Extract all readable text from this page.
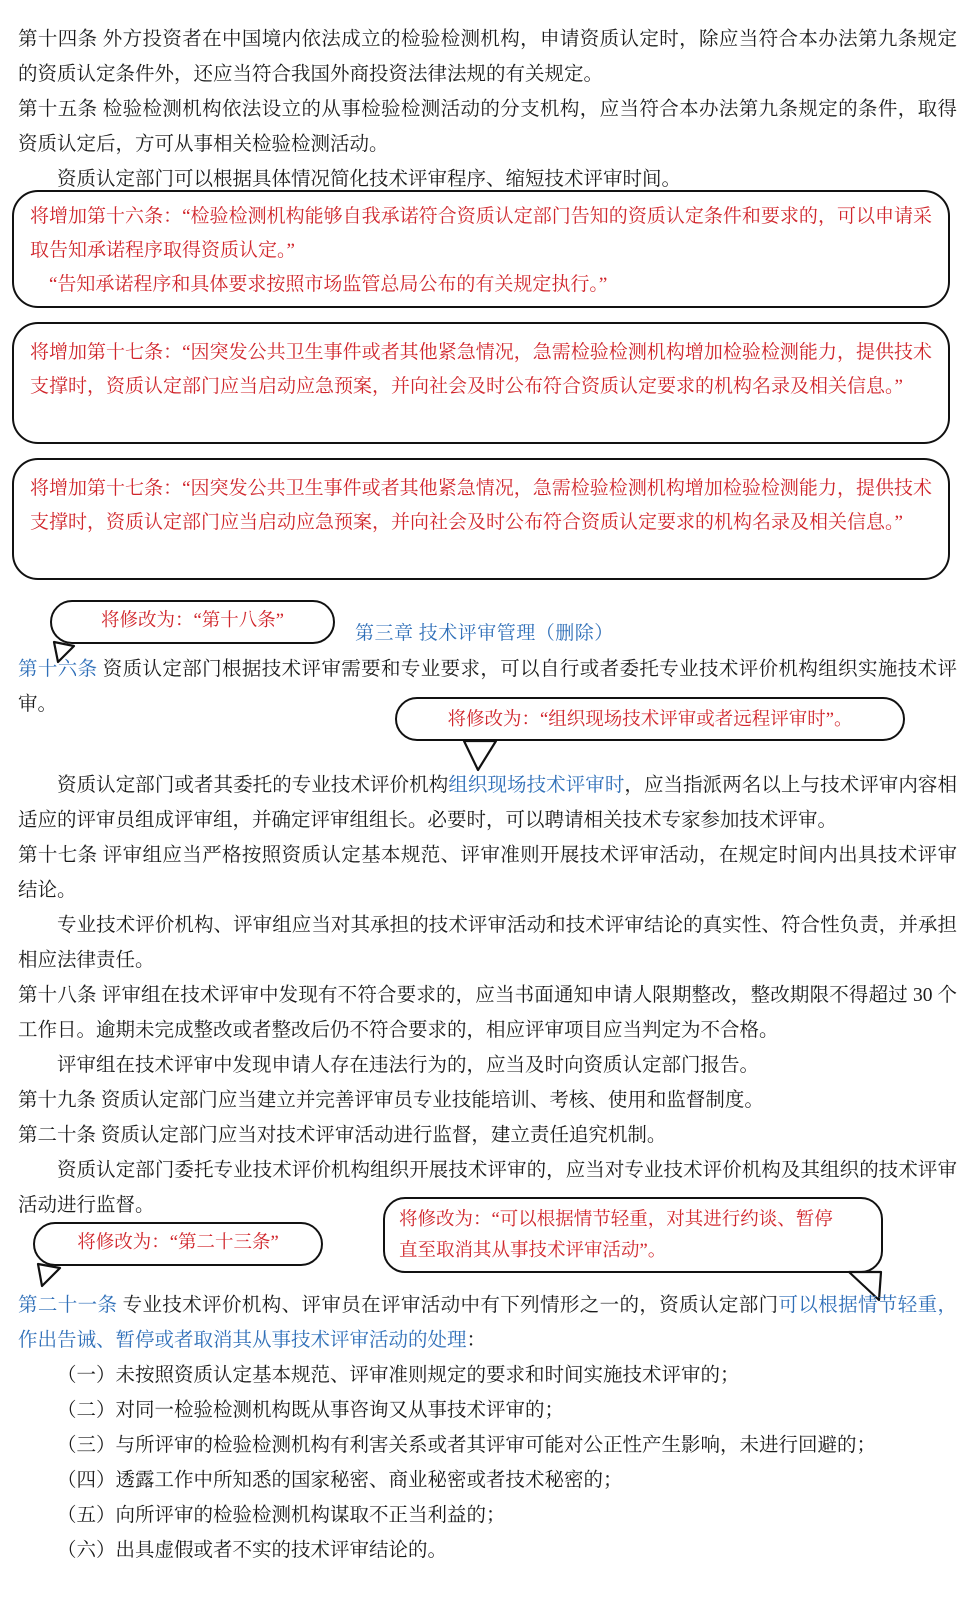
第十四条 外方投资者在中国境内依法成立的检验检测机构，申请资质认定时，除应当符合本办法第九条规定的资质认定条件外，还应当符合我国外商投资法律法规的有关规定。

第十五条 检验检测机构依法设立的从事检验检测活动的分支机构，应当符合本办法第九条规定的条件，取得资质认定后，方可从事相关检验检测活动。

资质认定部门可以根据具体情况简化技术评审程序、缩短技术评审时间。

将增加第十六条：“检验检测机构能够自我承诺符合资质认定部门告知的资质认定条件和要求的，可以申请采取告知承诺程序取得资质认定。”
“告知承诺程序和具体要求按照市场监管总局公布的有关规定执行。”
将增加第十七条：“因突发公共卫生事件或者其他紧急情况，急需检验检测机构增加检验检测能力，提供技术支撑时，资质认定部门应当启动应急预案，并向社会及时公布符合资质认定要求的机构名录及相关信息。”
将增加第十七条：“因突发公共卫生事件或者其他紧急情况，急需检验检测机构增加检验检测能力，提供技术支撑时，资质认定部门应当启动应急预案，并向社会及时公布符合资质认定要求的机构名录及相关信息。”
将修改为：“第十八条”
第三章 技术评审管理（删除）

第十六条 资质认定部门根据技术评审需要和专业要求，可以自行或者委托专业技术评价机构组织实施技术评审。

将修改为：“组织现场技术评审或者远程评审时”。

资质认定部门或者其委托的专业技术评价机构组织现场技术评审时，应当指派两名以上与技术评审内容相适应的评审员组成评审组，并确定评审组组长。必要时，可以聘请相关技术专家参加技术评审。

第十七条 评审组应当严格按照资质认定基本规范、评审准则开展技术评审活动，在规定时间内出具技术评审结论。

专业技术评价机构、评审组应当对其承担的技术评审活动和技术评审结论的真实性、符合性负责，并承担相应法律责任。

第十八条 评审组在技术评审中发现有不符合要求的，应当书面通知申请人限期整改，整改期限不得超过 30 个工作日。逾期未完成整改或者整改后仍不符合要求的，相应评审项目应当判定为不合格。

评审组在技术评审中发现申请人存在违法行为的，应当及时向资质认定部门报告。

第十九条 资质认定部门应当建立并完善评审员专业技能培训、考核、使用和监督制度。

第二十条 资质认定部门应当对技术评审活动进行监督，建立责任追究机制。

资质认定部门委托专业技术评价机构组织开展技术评审的，应当对专业技术评价机构及其组织的技术评审活动进行监督。

将修改为：“可以根据情节轻重，对其进行约谈、暂停
直至取消其从事技术评审活动”。
将修改为：“第二十三条”

第二十一条 专业技术评价机构、评审员在评审活动中有下列情形之一的，资质认定部门可以根据情节轻重，作出告诫、暂停或者取消其从事技术评审活动的处理：

（一）未按照资质认定基本规范、评审准则规定的要求和时间实施技术评审的；

（二）对同一检验检测机构既从事咨询又从事技术评审的；

（三）与所评审的检验检测机构有利害关系或者其评审可能对公正性产生影响，未进行回避的；

（四）透露工作中所知悉的国家秘密、商业秘密或者技术秘密的；

（五）向所评审的检验检测机构谋取不正当利益的；

（六）出具虚假或者不实的技术评审结论的。
